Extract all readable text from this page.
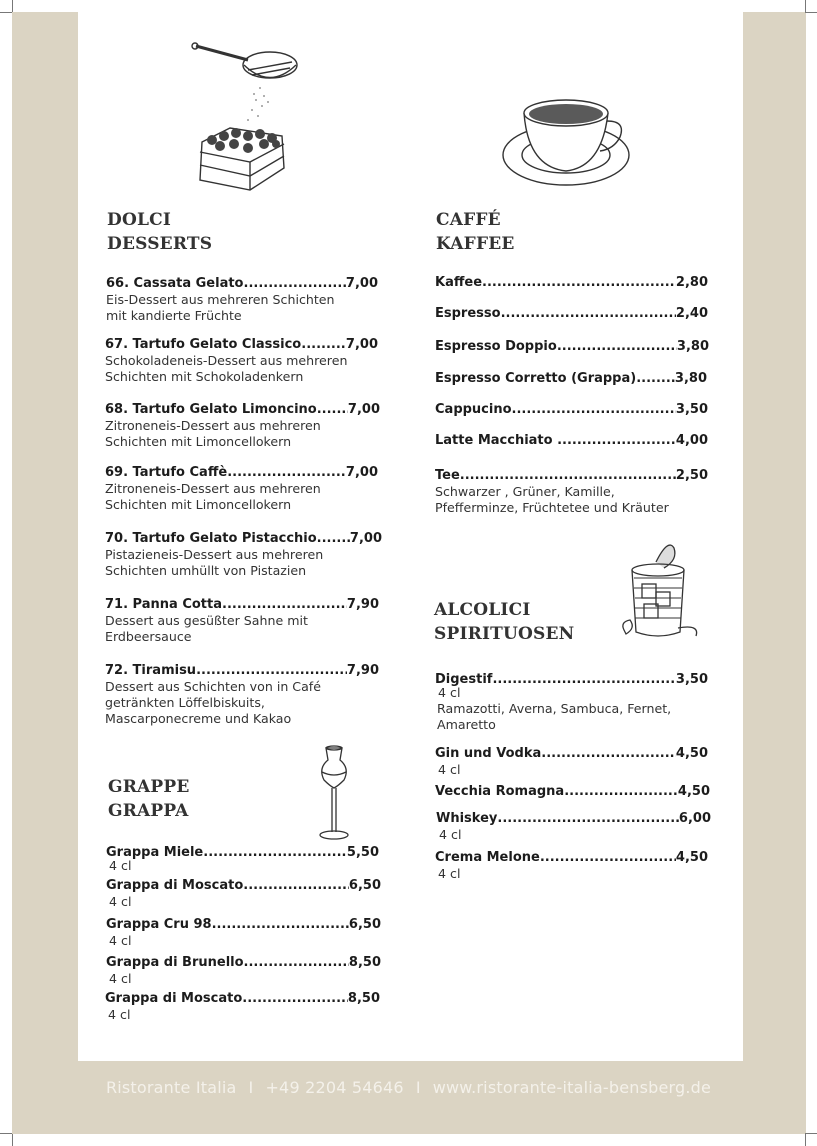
DOLCI
DESSERTS
66. Cassata Gelato .....	7,00
Eis-Dessert aus mehreren Schichten mit kandierte Früchte
67. Tartufo Gelato Classico .....	7,00
Schokoladeneis-Dessert aus mehreren Schichten mit Schokoladenkern
68. Tartufo Gelato Limoncino ..... 7,00
Zitroneneis-Dessert aus mehreren Schichten mit Limoncellokern
69. Tartufo Caffè .....	7,00
Zitroneneis-Dessert aus mehreren Schichten mit Limoncellokern
70. Tartufo Gelato Pistacchio .....	7,00
Pistazieneis-Dessert aus mehreren Schichten umhüllt von Pistazien
71. Panna Cotta .....	7,90
Dessert aus gesüßter Sahne mit Erdbeersauce
72. Tiramisu .....	7,90
Dessert aus Schichten von in Café getränkten Löffelbiskuits, Mascarponecreme und Kakao
GRAPPE
GRAPPA
Grappa Miele .....	5,50
4 cl
Grappa di Moscato .....	6,50
4 cl
Grappa Cru 98 .....	6,50
4 cl
Grappa di Brunello .....	8,50
4 cl
Grappa di Moscato .....	8,50
4 cl
CAFFÉ
KAFFEE
Kaffee .....	2,80
Espresso .....	2,40
Espresso Doppio .....	3,80
Espresso Corretto (Grappa) .....	3,80
Cappucino .....	3,50
Latte Macchiato .....	4,00
Tee .....	2,50
Schwarzer , Grüner, Kamille, Pfefferminze, Früchtetee und Kräuter
ALCOLICI
SPIRITUOSEN
Digestif .....	3,50
4 cl
Ramazotti, Averna, Sambuca, Fernet, Amaretto
Gin und Vodka .....	4,50
4 cl
Vecchia Romagna .....	4,50
Whiskey .....	6,00
4 cl
Crema Melone .....	4,50
4 cl
Ristorante Italia I +49 2204 54646 I www.ristorante-italia-bensberg.de
